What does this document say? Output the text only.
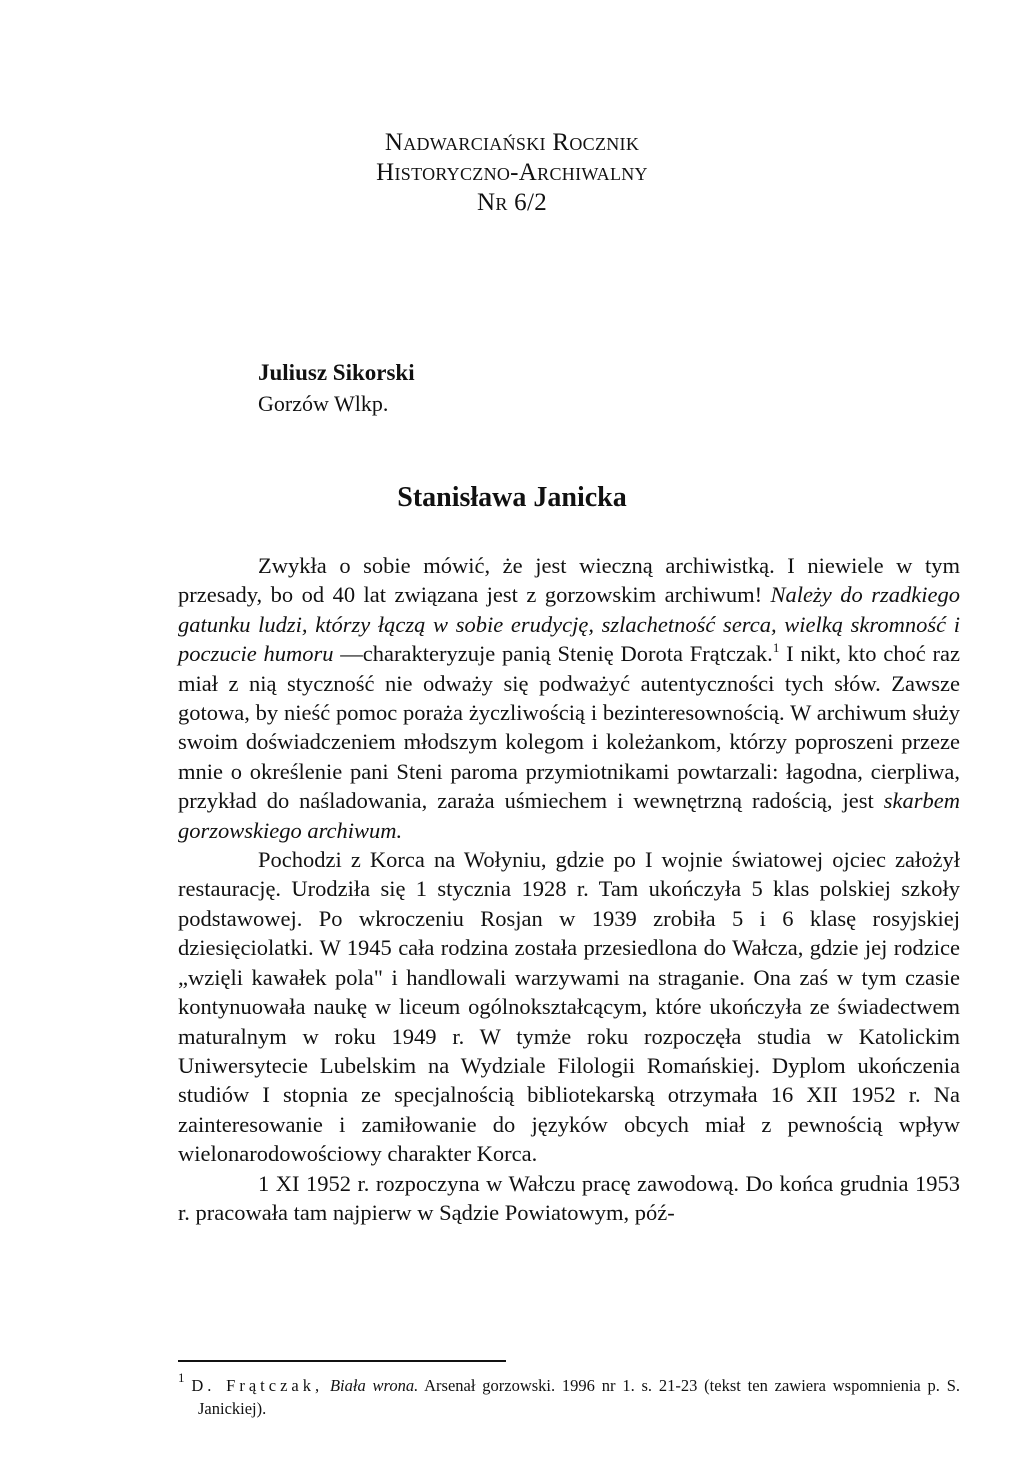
Nadwarciański Rocznik
Historyczno-Archiwalny
Nr 6/2
Juliusz Sikorski
Gorzów Wlkp.
Stanisława Janicka

Zwykła o sobie mówić, że jest wieczną archiwistką. I niewiele w tym przesady, bo od 40 lat związana jest z gorzowskim archiwum! Należy do rzadkiego gatunku ludzi, którzy łączą w sobie erudycję, szlachetność serca, wielką skromność i poczucie humoru —charakteryzuje panią Stenię Dorota Frątczak.$^1$ I nikt, kto choć raz miał z nią styczność nie odważy się podważyć autentyczności tych słów. Zawsze gotowa, by nieść pomoc poraża życzliwością i bezinteresownością. W archiwum służy swoim doświadczeniem młodszym kolegom i koleżankom, którzy poproszeni przeze mnie o określenie pani Steni paroma przymiotnikami powtarzali: łagodna, cierpliwa, przykład do naśladowania, zaraża uśmiechem i wewnętrzną radością, jest skarbem gorzowskiego archiwum.

Pochodzi z Korca na Wołyniu, gdzie po I wojnie światowej ojciec założył restaurację. Urodziła się 1 stycznia 1928 r. Tam ukończyła 5 klas polskiej szkoły podstawowej. Po wkroczeniu Rosjan w 1939 zrobiła 5 i 6 klasę rosyjskiej dziesięciolatki. W 1945 cała rodzina została przesiedlona do Wałcza, gdzie jej rodzice „wzięli kawałek pola" i handlowali warzywami na straganie. Ona zaś w tym czasie kontynuowała naukę w liceum ogólnokształcącym, które ukończyła ze świadectwem maturalnym w roku 1949 r. W tymże roku rozpoczęła studia w Katolickim Uniwersytecie Lubelskim na Wydziale Filologii Romańskiej. Dyplom ukończenia studiów I stopnia ze specjalnością bibliotekarską otrzymała 16 XII 1952 r. Na zainteresowanie i zamiłowanie do języków obcych miał z pewnością wpływ wielonarodowościowy charakter Korca.

1 XI 1952 r. rozpoczyna w Wałczu pracę zawodową. Do końca grudnia 1953 r. pracowała tam najpierw w Sądzie Powiatowym, póź-

$^1$ D. Frątczak, Biała wrona. Arsenał gorzowski. 1996 nr 1. s. 21-23 (tekst ten zawiera wspomnienia p. S. Janickiej).
